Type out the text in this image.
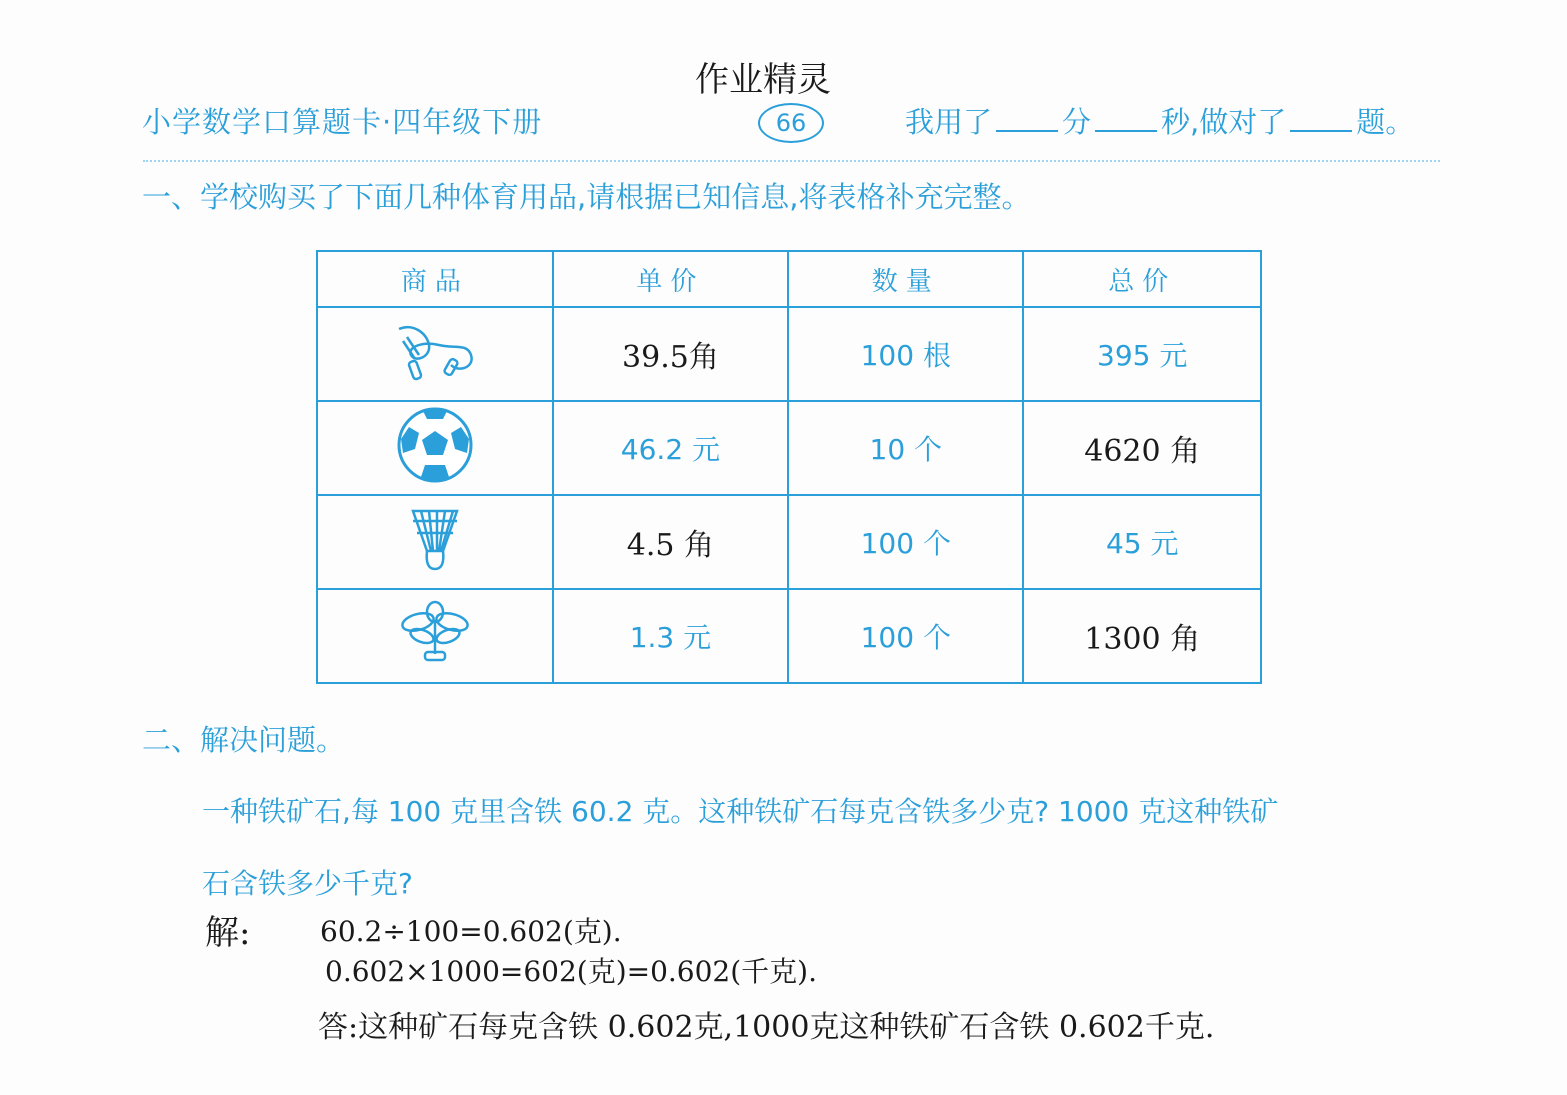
作业精灵
小学数学口算题卡·四年级下册	66	我用了 分 秒,做对了 题。
一、学校购买了下面几种体育用品,请根据已知信息,将表格补充完整。
商品	单价	数量	总价
	39.5角	100 根	395 元
	46.2 元	10 个	4620 角
	4.5 角	100 个	45 元
	1.3 元	100 个	1300 角
二、解决问题。
一种铁矿石,每 100 克里含铁 60.2 克。这种铁矿石每克含铁多少克? 1000 克这种铁矿
石含铁多少千克?
解: 60.2÷100=0.602(克).
0.602×1000=602(克)=0.602(千克).
答:这种矿石每克含铁 0.602克,1000克这种铁矿石含铁 0.602千克.
